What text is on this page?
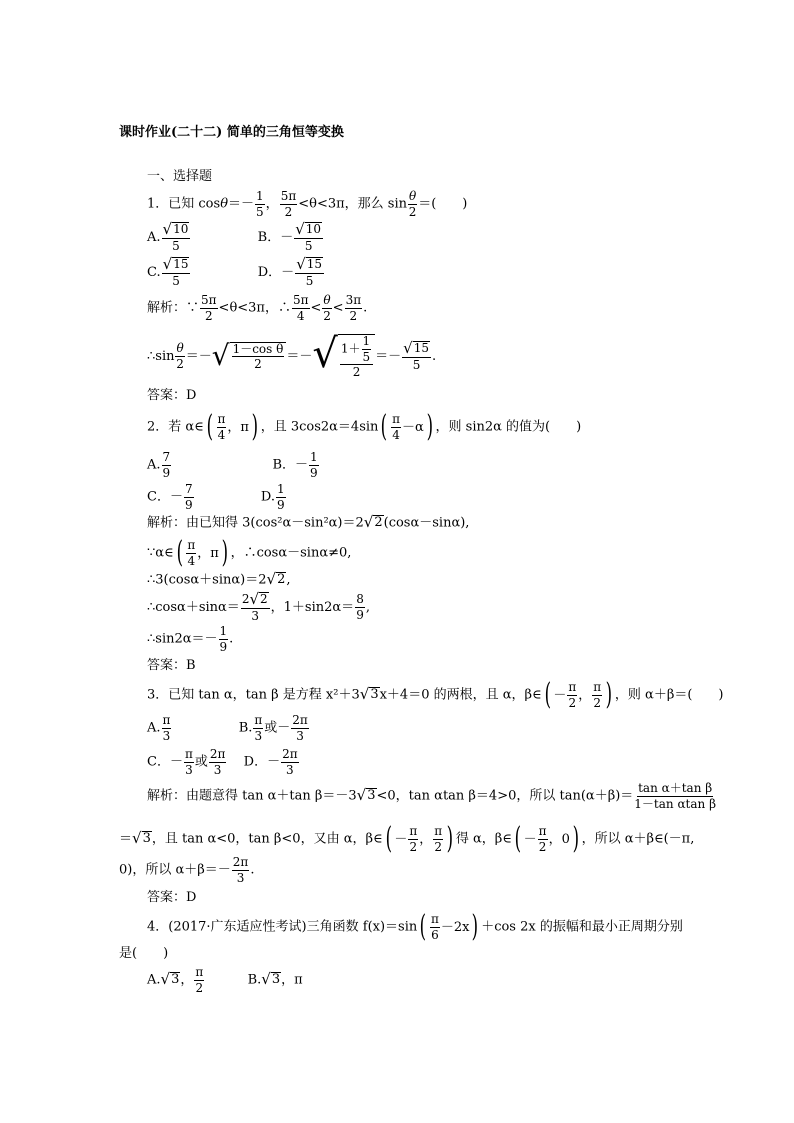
课时作业(二十二) 简单的三角恒等变换
一、选择题
1．已知 $\cos\theta=- \frac{1}{5}$ ， $\frac{5\pi}{2} <\theta<3\pi$，那么 $\sin \frac{\theta}{2}$ ＝(　　)
A. $\frac{√ 10}{5}$	B．－ $\frac{√ 10}{5}$
C. $\frac{√ 15}{5}$	D．－ $\frac{√ 15}{5}$
解析：∵ $\frac{5\pi}{2} <\theta<3\pi$，∴ $\frac{5\pi}{4} < \frac{\theta}{2} < \frac{3\pi}{2}$ .
∴sin $\frac{\theta}{2}$ ＝－ √ $\frac{\text{1－cos θ}}{2}$ ＝－ √ $\frac{1+ \frac{1}{5}}{2} =- \frac{√ 15}{5}$ .
答案：D
2．若 α∈ ( π
4 ，π ) ，且 3cos2α＝4sin ( π
4 －α ) ，则 sin2α 的值为(　　)
A. $\frac{7}{9}$	B．－ $\frac{1}{9}$
C．－ $\frac{7}{9}$	D. $\frac{1}{9}$
解析：由已知得 3(cos²α－sin²α)＝2 √ 2 (cosα－sinα),
∵α∈ ( π
4 ，π ) ，∴cosα－sinα≠0,
∴3(cosα＋sinα)＝2 √ 2 ,
∴cosα＋sinα＝ $\frac{2 √ 2}{3}$ ，$1+\sin 2\alpha= \frac{8}{9}$ ,
∴sin2α＝－ $\frac{1}{9}$ .
答案：B
3．已知 tan α，tan β 是方程 x²＋3 √ 3 x＋4＝0 的两根，且 α，β∈ ( －
π
2 ，
π
2 ) ，则 α＋β＝(　　)
A. $\frac{\pi}{3}$	B. $\frac{\pi}{3}$ 或－ $\frac{2\pi}{3}$
C．－ $\frac{\pi}{3}$ 或 $\frac{2\pi}{3}$ D．－ $\frac{2\pi}{3}$
解析：由题意得 tan α＋tan β＝－3 √ 3 <0，tan αtan β＝4>0，所以 $\tan(\alpha+\beta)= \frac{\text{tan α＋tan β}}{\text{1－tan αtan β}}$
＝ √ 3 ，且 tan α<0，tan β<0，又由 α，β∈ ( －
π
2 ，
π
2 ) 得 α，β∈ ( －
π
2 ，0 ) ，所以 α＋β∈(－π,
0)，所以 $\alpha+\beta=- \frac{2\pi}{3}$ .
答案：D
4．(2017·广东适应性考试)三角函数 f(x)＝sin ( π
6 －2x ) ＋cos 2x 的振幅和最小正周期分别
是(　　)
A. √ 3 ， $\frac{\pi}{2}$	B. √ 3 ，π
